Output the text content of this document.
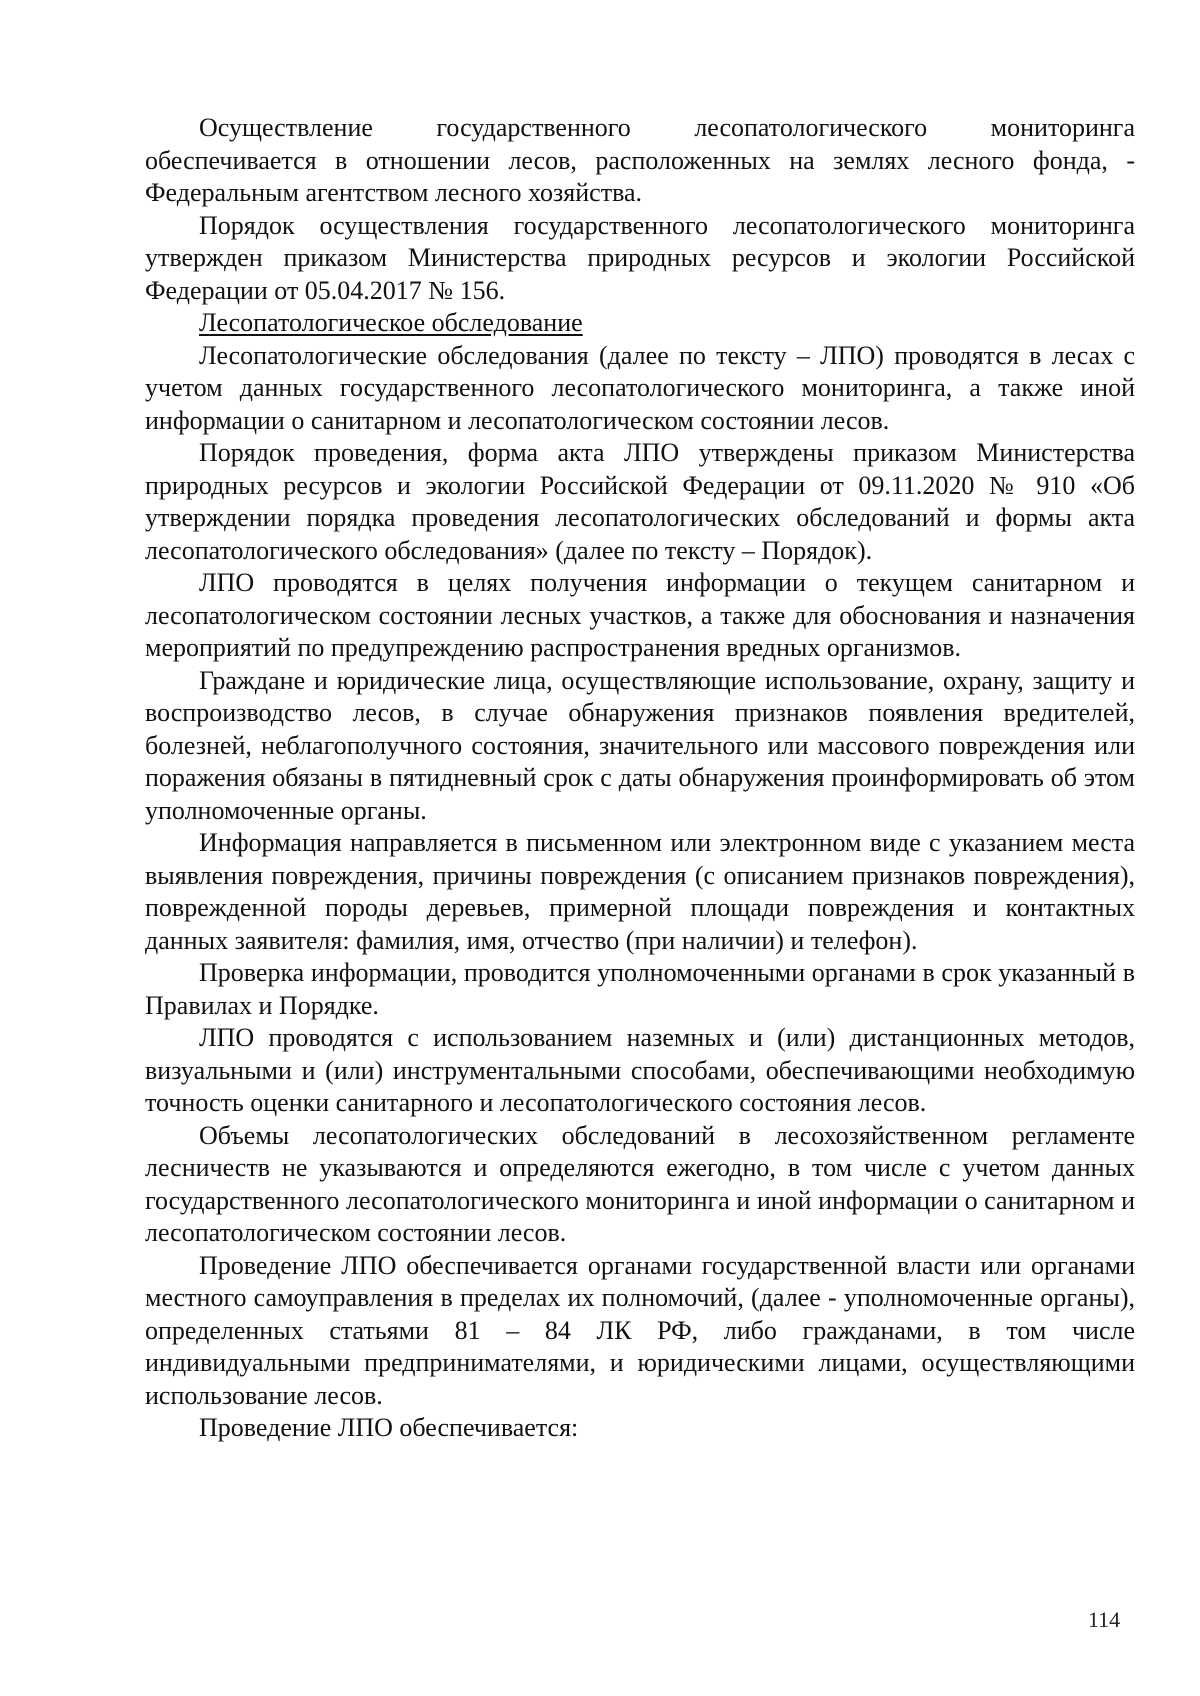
Осуществление государственного лесопатологического мониторинга обеспечивается в отношении лесов, расположенных на землях лесного фонда, - Федеральным агентством лесного хозяйства.

Порядок осуществления государственного лесопатологического мониторинга утвержден приказом Министерства природных ресурсов и экологии Российской Федерации от 05.04.2017 № 156.

Лесопатологическое обследование

Лесопатологические обследования (далее по тексту – ЛПО) проводятся в лесах с учетом данных государственного лесопатологического мониторинга, а также иной информации о санитарном и лесопатологическом состоянии лесов.

Порядок проведения, форма акта ЛПО утверждены приказом Министерства природных ресурсов и экологии Российской Федерации от 09.11.2020 № 910 «Об утверждении порядка проведения лесопатологических обследований и формы акта лесопатологического обследования» (далее по тексту – Порядок).

ЛПО проводятся в целях получения информации о текущем санитарном и лесопатологическом состоянии лесных участков, а также для обоснования и назначения мероприятий по предупреждению распространения вредных организмов.

Граждане и юридические лица, осуществляющие использование, охрану, защиту и воспроизводство лесов, в случае обнаружения признаков появления вредителей, болезней, неблагополучного состояния, значительного или массового повреждения или поражения обязаны в пятидневный срок с даты обнаружения проинформировать об этом уполномоченные органы.

Информация направляется в письменном или электронном виде с указанием места выявления повреждения, причины повреждения (с описанием признаков повреждения), поврежденной породы деревьев, примерной площади повреждения и контактных данных заявителя: фамилия, имя, отчество (при наличии) и телефон).

Проверка информации, проводится уполномоченными органами в срок указанный в Правилах и Порядке.

ЛПО проводятся с использованием наземных и (или) дистанционных методов, визуальными и (или) инструментальными способами, обеспечивающими необходимую точность оценки санитарного и лесопатологического состояния лесов.

Объемы лесопатологических обследований в лесохозяйственном регламенте лесничеств не указываются и определяются ежегодно, в том числе с учетом данных государственного лесопатологического мониторинга и иной информации о санитарном и лесопатологическом состоянии лесов.

Проведение ЛПО обеспечивается органами государственной власти или органами местного самоуправления в пределах их полномочий, (далее - уполномоченные органы), определенных статьями 81 – 84 ЛК РФ, либо гражданами, в том числе индивидуальными предпринимателями, и юридическими лицами, осуществляющими использование лесов.

Проведение ЛПО обеспечивается:

114
